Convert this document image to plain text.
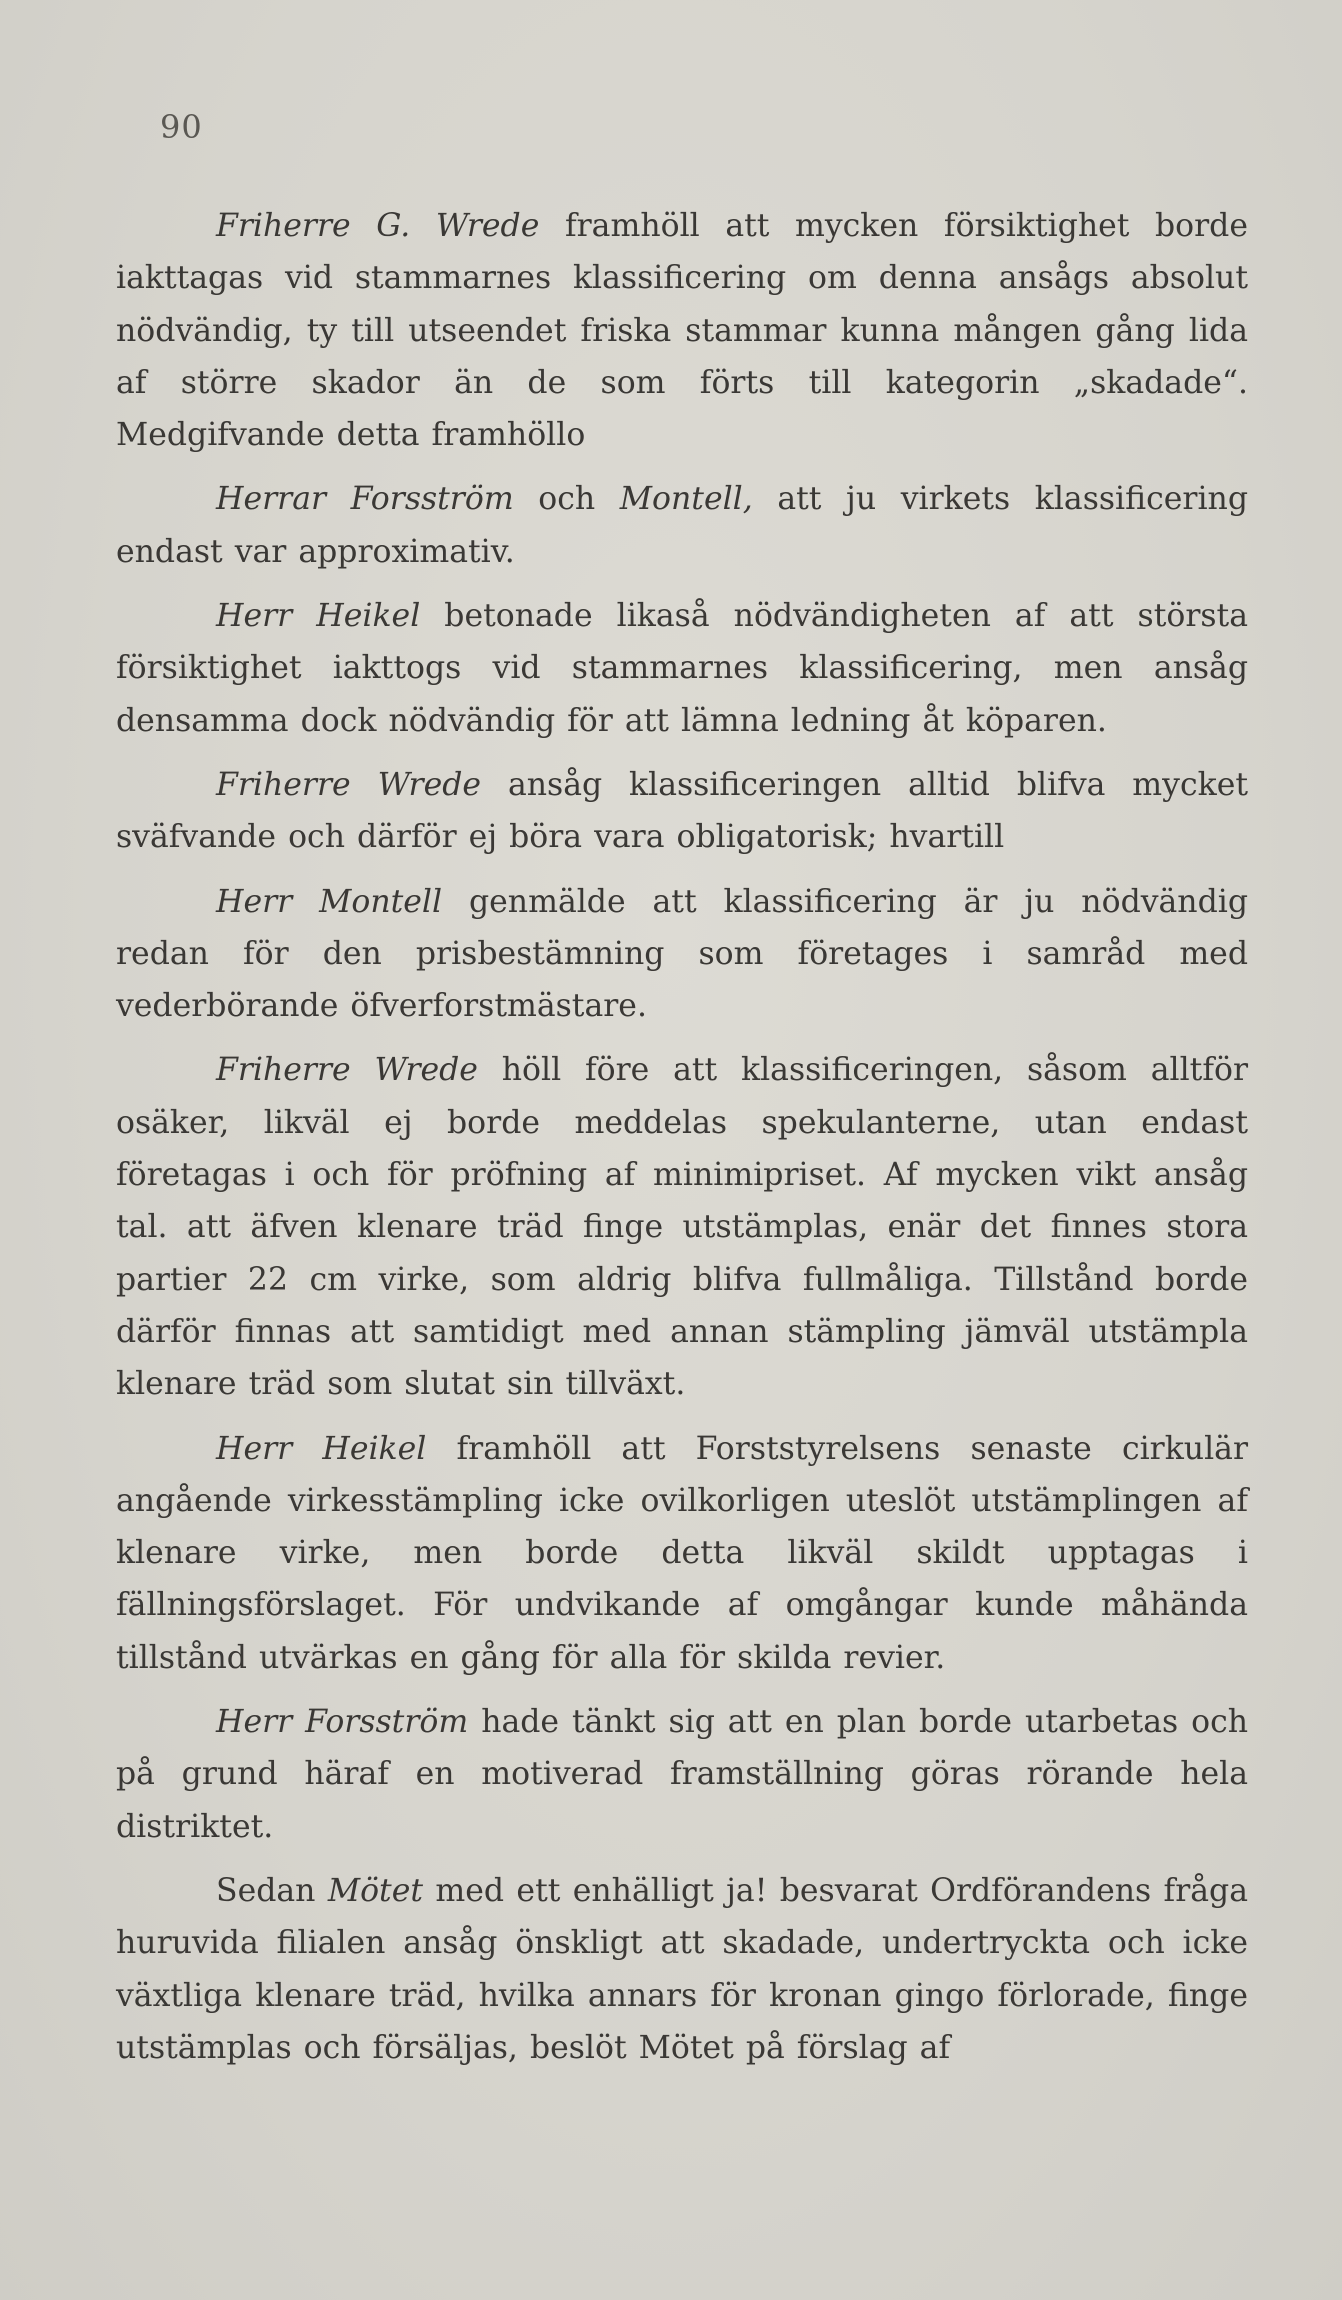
90

Friherre G. Wrede framhöll att mycken försiktighet borde iakttagas vid stammarnes klassificering om denna ansågs absolut nödvändig, ty till utseendet friska stammar kunna mången gång lida af större skador än de som förts till kategorin „skadade“. Medgifvande detta framhöllo

Herrar Forsström och Montell, att ju virkets klassificering endast var approximativ.

Herr Heikel betonade likaså nödvändigheten af att största försiktighet iakttogs vid stammarnes klassificering, men ansåg densamma dock nödvändig för att lämna ledning åt köparen.

Friherre Wrede ansåg klassificeringen alltid blifva mycket sväfvande och därför ej böra vara obligatorisk; hvartill

Herr Montell genmälde att klassificering är ju nödvändig redan för den prisbestämning som företages i samråd med vederbörande öfverforstmästare.

Friherre Wrede höll före att klassificeringen, såsom alltför osäker, likväl ej borde meddelas spekulanterne, utan endast företagas i och för pröfning af minimipriset. Af mycken vikt ansåg tal. att äfven klenare träd finge utstämplas, enär det finnes stora partier 22 cm virke, som aldrig blifva fullmåliga. Tillstånd borde därför finnas att samtidigt med annan stämpling jämväl utstämpla klenare träd som slutat sin tillväxt.

Herr Heikel framhöll att Forststyrelsens senaste cirkulär angående virkesstämpling icke ovilkorligen uteslöt utstämplingen af klenare virke, men borde detta likväl skildt upptagas i fällningsförslaget. För undvikande af omgångar kunde måhända tillstånd utvärkas en gång för alla för skilda revier.

Herr Forsström hade tänkt sig att en plan borde utarbetas och på grund häraf en motiverad framställning göras rörande hela distriktet.

Sedan Mötet med ett enhälligt ja! besvarat Ordförandens fråga huruvida filialen ansåg önskligt att skadade, undertryckta och icke växtliga klenare träd, hvilka annars för kronan gingo förlorade, finge utstämplas och försäljas, beslöt Mötet på förslag af
